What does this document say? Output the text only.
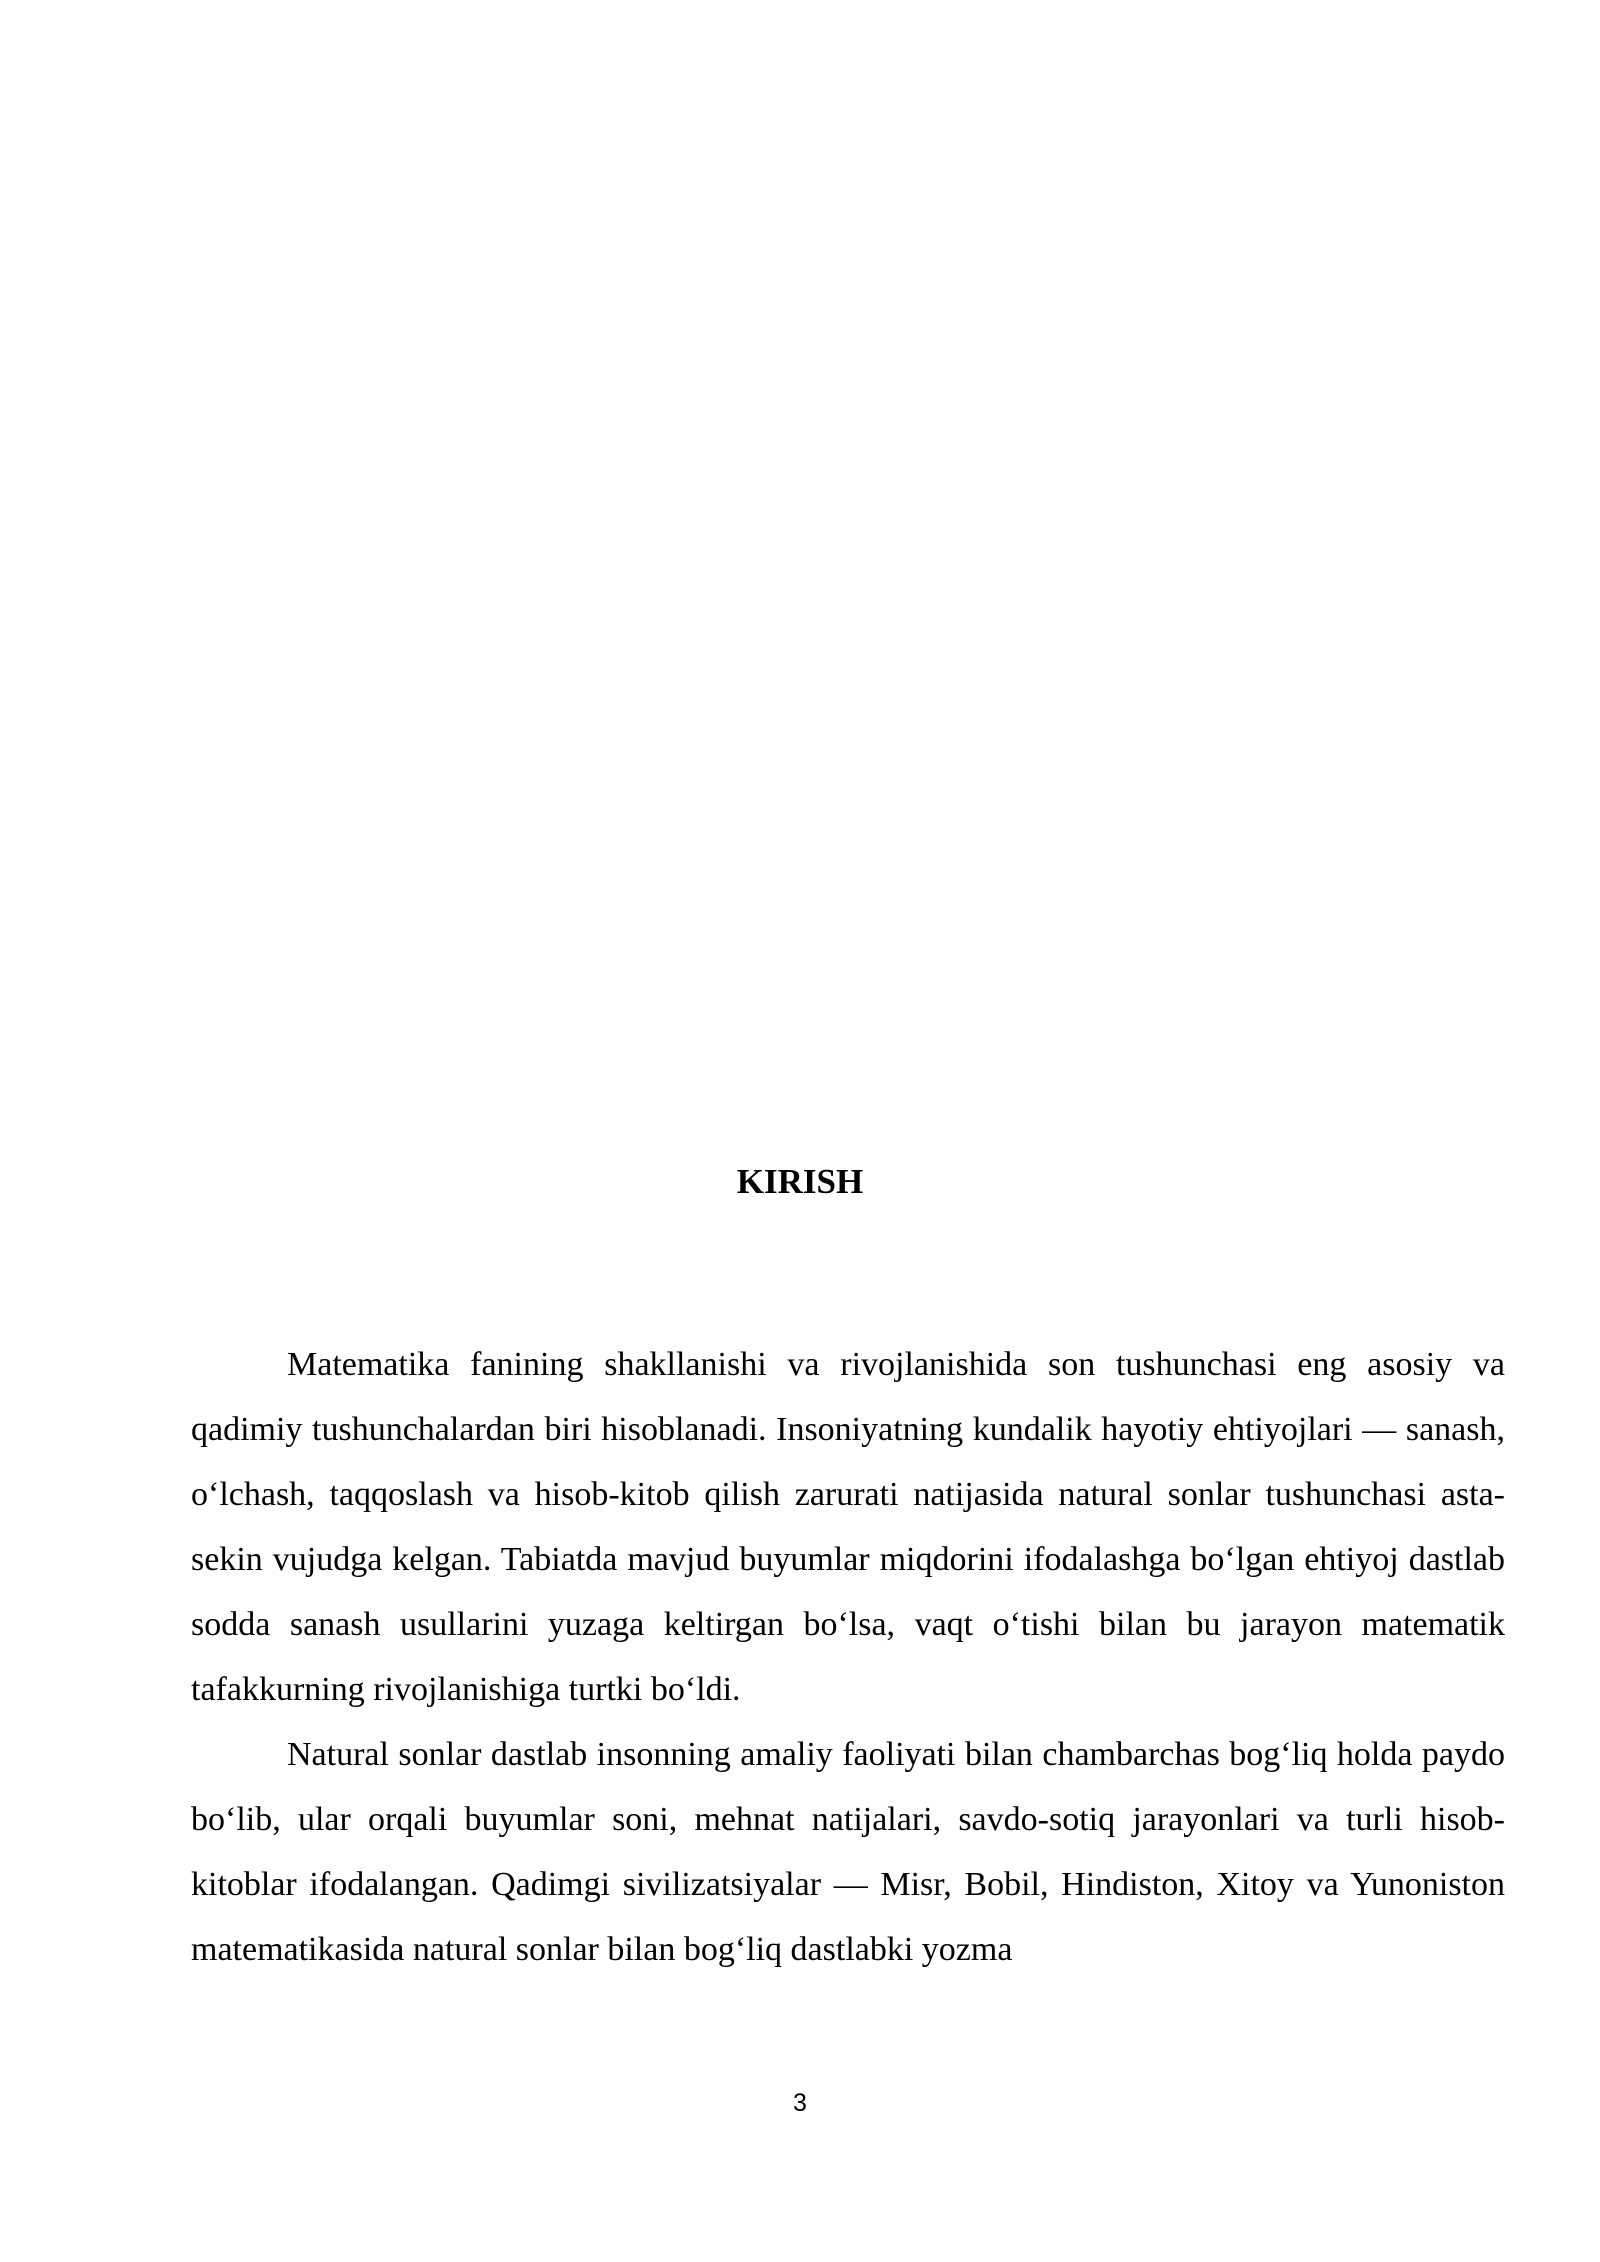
KIRISH

Matematika fanining shakllanishi va rivojlanishida son tushunchasi eng asosiy va qadimiy tushunchalardan biri hisoblanadi. Insoniyatning kundalik hayotiy ehtiyojlari — sanash, o‘lchash, taqqoslash va hisob-kitob qilish zarurati natijasida natural sonlar tushunchasi asta-sekin vujudga kelgan. Tabiatda mavjud buyumlar miqdorini ifodalashga bo‘lgan ehtiyoj dastlab sodda sanash usullarini yuzaga keltirgan bo‘lsa, vaqt o‘tishi bilan bu jarayon matematik tafakkurning rivojlanishiga turtki bo‘ldi.

Natural sonlar dastlab insonning amaliy faoliyati bilan chambarchas bog‘liq holda paydo bo‘lib, ular orqali buyumlar soni, mehnat natijalari, savdo-sotiq jarayonlari va turli hisob-kitoblar ifodalangan. Qadimgi sivilizatsiyalar — Misr, Bobil, Hindiston, Xitoy va Yunoniston matematikasida natural sonlar bilan bog‘liq dastlabki yozma

3
